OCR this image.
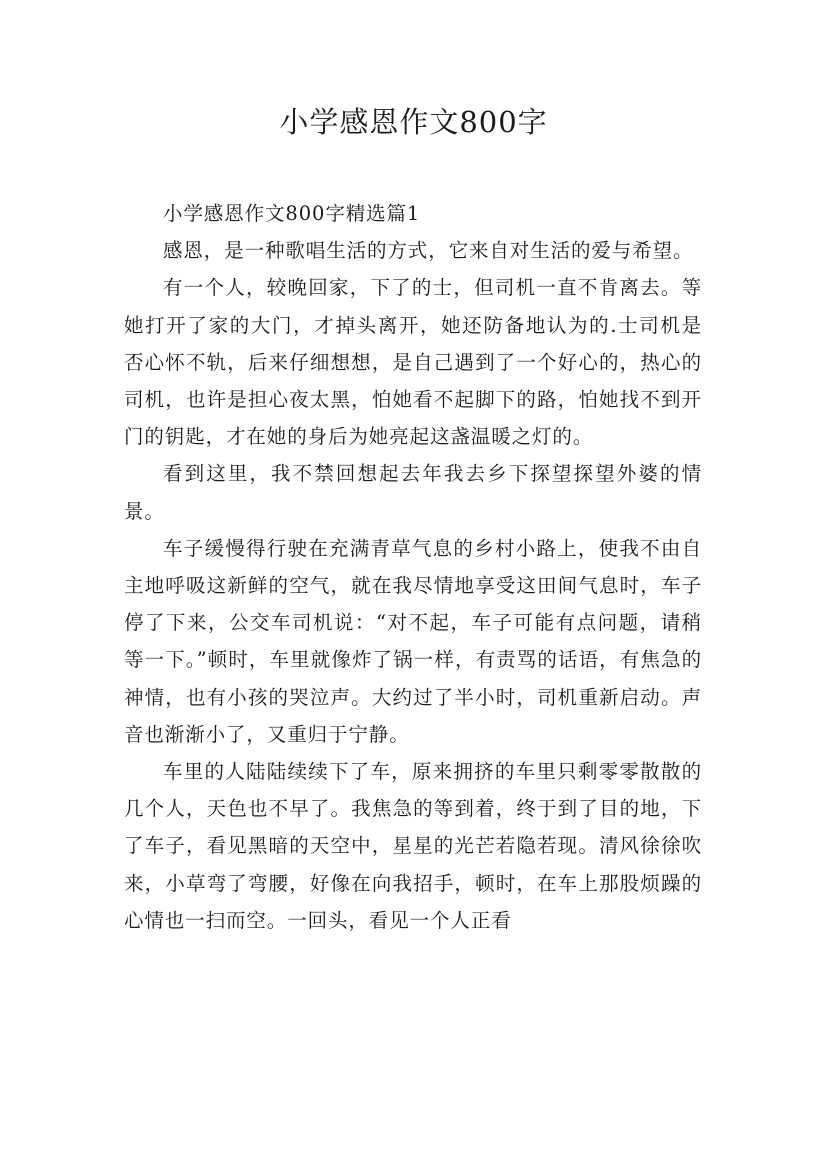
小学感恩作文800字

小学感恩作文800字精选篇1

感恩，是一种歌唱生活的方式，它来自对生活的爱与希望。

有一个人，较晚回家，下了的士，但司机一直不肯离去。等她打开了家的大门，才掉头离开，她还防备地认为的.士司机是否心怀不轨，后来仔细想想，是自己遇到了一个好心的，热心的司机，也许是担心夜太黑，怕她看不起脚下的路，怕她找不到开门的钥匙，才在她的身后为她亮起这盏温暖之灯的。

看到这里，我不禁回想起去年我去乡下探望探望外婆的情景。

车子缓慢得行驶在充满青草气息的乡村小路上，使我不由自主地呼吸这新鲜的空气，就在我尽情地享受这田间气息时，车子停了下来，公交车司机说：“对不起，车子可能有点问题，请稍等一下。”顿时，车里就像炸了锅一样，有责骂的话语，有焦急的神情，也有小孩的哭泣声。大约过了半小时，司机重新启动。声音也渐渐小了，又重归于宁静。

车里的人陆陆续续下了车，原来拥挤的车里只剩零零散散的几个人，天色也不早了。我焦急的等到着，终于到了目的地，下了车子，看见黑暗的天空中，星星的光芒若隐若现。清风徐徐吹来，小草弯了弯腰，好像在向我招手，顿时，在车上那股烦躁的心情也一扫而空。一回头，看见一个人正看
